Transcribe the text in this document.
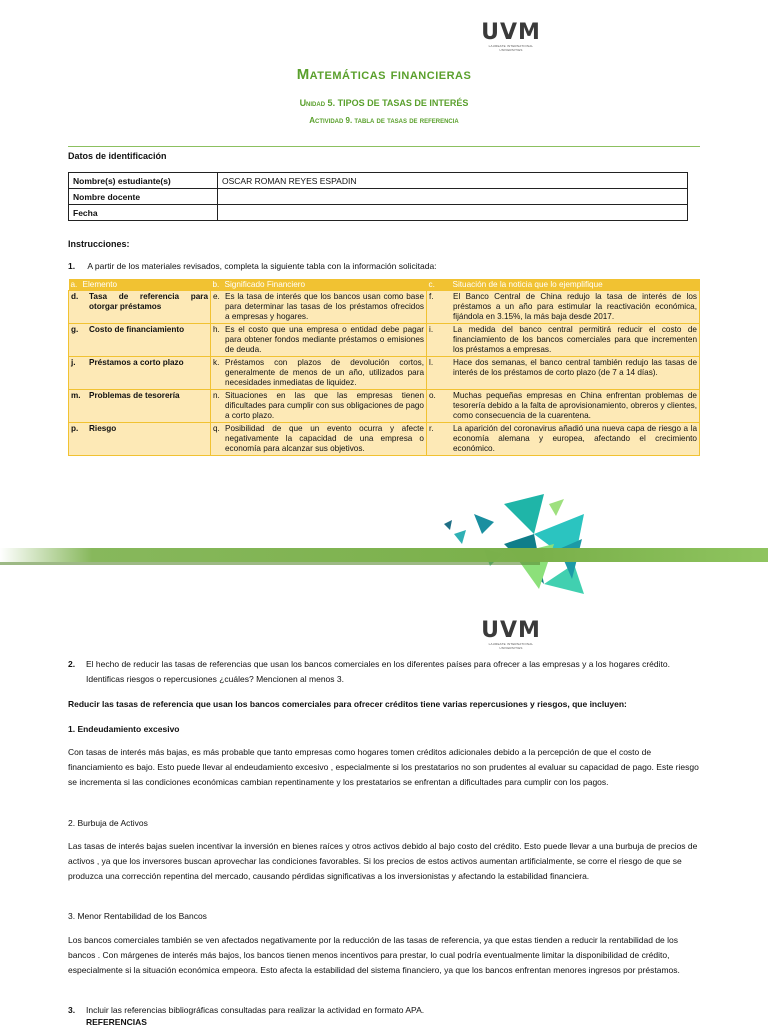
UVM
LAUREATE INTERNATIONAL UNIVERSITIES
Matemáticas financieras
Unidad 5. TIPOS DE TASAS DE INTERÉS
Actividad 9. tabla de tasas de referencia
Datos de identificación
Nombre(s) estudiante(s)	OSCAR ROMAN REYES ESPADIN
Nombre docente	
Fecha	
Instrucciones:
1. A partir de los materiales revisados, completa la siguiente tabla con la información solicitada:
a. Elemento	b. Significado Financiero	c. Situación de la noticia que lo ejemplifique

d. Tasa de referencia para otorgar préstamos	e. Es la tasa de interés que los bancos usan como base para determinar las tasas de los préstamos ofrecidos a empresas y hogares.	f. El Banco Central de China redujo la tasa de interés de los préstamos a un año para estimular la reactivación económica, fijándola en 3.15%, la más baja desde 2017.

g. Costo de financiamiento	h. Es el costo que una empresa o entidad debe pagar para obtener fondos mediante préstamos o emisiones de deuda.	i. La medida del banco central permitirá reducir el costo de financiamiento de los bancos comerciales para que incrementen los préstamos a empresas.

j. Préstamos a corto plazo	k. Préstamos con plazos de devolución cortos, generalmente de menos de un año, utilizados para necesidades inmediatas de liquidez.	l. Hace dos semanas, el banco central también redujo las tasas de interés de los préstamos de corto plazo (de 7 a 14 días).

m. Problemas de tesorería	n. Situaciones en las que las empresas tienen dificultades para cumplir con sus obligaciones de pago a corto plazo.	o. Muchas pequeñas empresas en China enfrentan problemas de tesorería debido a la falta de aprovisionamiento, obreros y clientes, como consecuencia de la cuarentena.

p. Riesgo	q. Posibilidad de que un evento ocurra y afecte negativamente la capacidad de una empresa o economía para alcanzar sus objetivos.	r. La aparición del coronavirus añadió una nueva capa de riesgo a la economía alemana y europea, afectando el crecimiento económico.
UVM
LAUREATE INTERNATIONAL UNIVERSITIES
2.	El hecho de reducir las tasas de referencias que usan los bancos comerciales en los diferentes países para ofrecer a las empresas y a los hogares crédito. Identificas riesgos o repercusiones ¿cuáles? Mencionen al menos 3.
Reducir las tasas de referencia que usan los bancos comerciales para ofrecer créditos tiene varias repercusiones y riesgos, que incluyen:
1. Endeudamiento excesivo
Con tasas de interés más bajas, es más probable que tanto empresas como hogares tomen créditos adicionales debido a la percepción de que el costo de financiamiento es bajo. Esto puede llevar al endeudamiento excesivo , especialmente si los prestatarios no son prudentes al evaluar su capacidad de pago. Este riesgo se incrementa si las condiciones económicas cambian repentinamente y los prestatarios se enfrentan a dificultades para cumplir con los pagos.
2. Burbuja de Activos
Las tasas de interés bajas suelen incentivar la inversión en bienes raíces y otros activos debido al bajo costo del crédito. Esto puede llevar a una burbuja de precios de activos , ya que los inversores buscan aprovechar las condiciones favorables. Si los precios de estos activos aumentan artificialmente, se corre el riesgo de que se produzca una corrección repentina del mercado, causando pérdidas significativas a los inversionistas y afectando la estabilidad financiera.
3. Menor Rentabilidad de los Bancos
Los bancos comerciales también se ven afectados negativamente por la reducción de las tasas de referencia, ya que estas tienden a reducir la rentabilidad de los bancos . Con márgenes de interés más bajos, los bancos tienen menos incentivos para prestar, lo cual podría eventualmente limitar la disponibilidad de crédito, especialmente si la situación económica empeora. Esto afecta la estabilidad del sistema financiero, ya que los bancos enfrentan menores ingresos por préstamos.
3.	Incluir las referencias bibliográficas consultadas para realizar la actividad en formato APA.
REFERENCIAS
